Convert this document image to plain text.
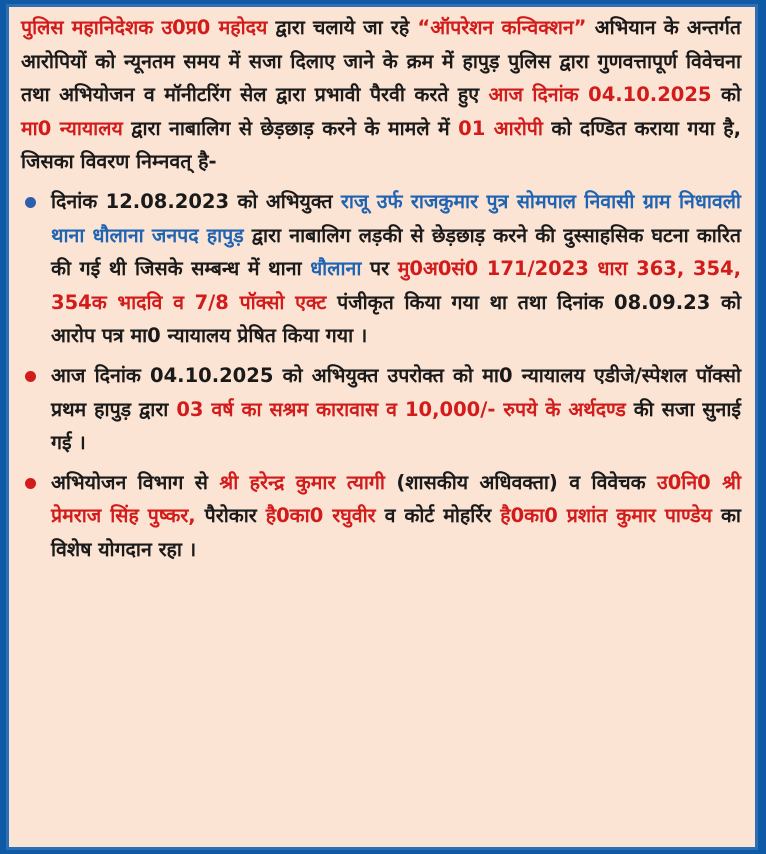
पुलिस महानिदेशक उ0प्र0 महोदय द्वारा चलाये जा रहे “ऑपरेशन कन्विक्शन” अभियान के अन्तर्गत आरोपियों को न्यूनतम समय में सजा दिलाए जाने के क्रम में हापुड़ पुलिस द्वारा गुणवत्तापूर्ण विवेचना तथा अभियोजन व मॉनीटरिंग सेल द्वारा प्रभावी पैरवी करते हुए आज दिनांक 04.10.2025 को मा0 न्यायालय द्वारा नाबालिग से छेड़छाड़ करने के मामले में 01 आरोपी को दण्डित कराया गया है, जिसका विवरण निम्नवत् है-

दिनांक 12.08.2023 को अभियुक्त राजू उर्फ राजकुमार पुत्र सोमपाल निवासी ग्राम निधावली थाना धौलाना जनपद हापुड़ द्वारा नाबालिग लड़की से छेड़छाड़ करने की दुस्साहसिक घटना कारित की गई थी जिसके सम्बन्ध में थाना धौलाना पर मु0अ0सं0 171/2023 धारा 363, 354, 354क भादवि व 7/8 पॉक्सो एक्ट पंजीकृत किया गया था तथा दिनांक 08.09.23 को आरोप पत्र मा0 न्यायालय प्रेषित किया गया ।

आज दिनांक 04.10.2025 को अभियुक्त उपरोक्त को मा0 न्यायालय एडीजे/स्पेशल पॉक्सो प्रथम हापुड़ द्वारा 03 वर्ष का सश्रम कारावास व 10,000/- रुपये के अर्थदण्ड की सजा सुनाई गई ।

अभियोजन विभाग से श्री हरेन्द्र कुमार त्यागी (शासकीय अधिवक्ता) व विवेचक उ0नि0 श्री प्रेमराज सिंह पुष्कर, पैरोकार है0का0 रघुवीर व कोर्ट मोहर्रिर है0का0 प्रशांत कुमार पाण्डेय का विशेष योगदान रहा ।
